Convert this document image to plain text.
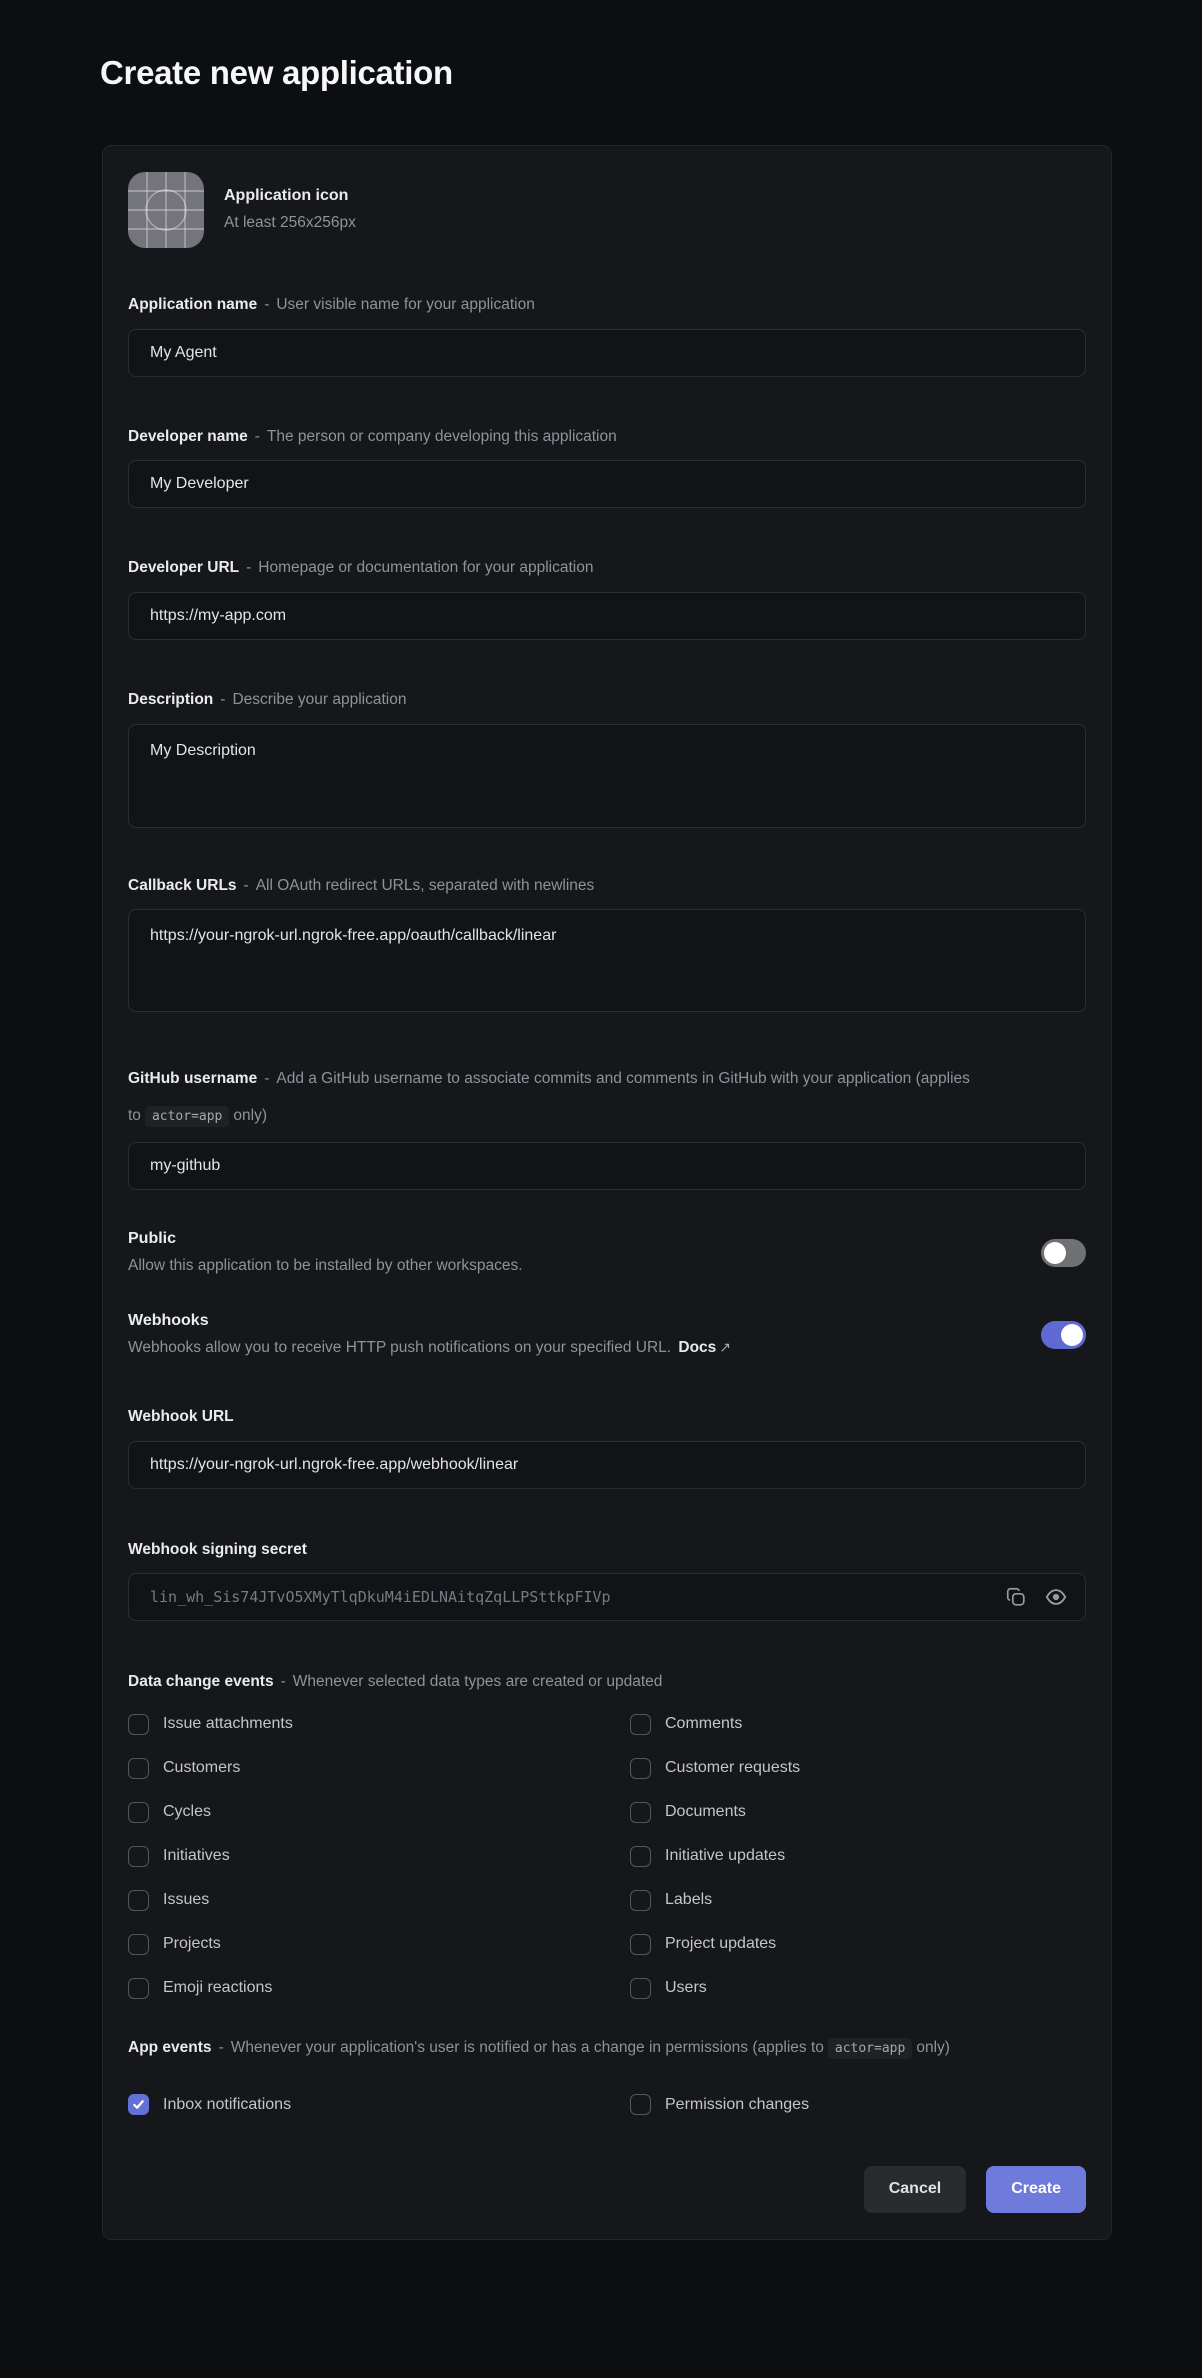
Create new application
Application icon
At least 256x256px
Application name - User visible name for your application
My Agent
Developer name - The person or company developing this application
My Developer
Developer URL - Homepage or documentation for your application
https://my-app.com
Description - Describe your application
My Description
Callback URLs - All OAuth redirect URLs, separated with newlines
https://your-ngrok-url.ngrok-free.app/oauth/callback/linear
GitHub username - Add a GitHub username to associate commits and comments in GitHub with your application (applies to actor=app only)
my-github
Public
Allow this application to be installed by other workspaces.
Webhooks
Webhooks allow you to receive HTTP push notifications on your specified URL. Docs ↗
Webhook URL
https://your-ngrok-url.ngrok-free.app/webhook/linear
Webhook signing secret
lin_wh_Sis74JTvO5XMyTlqDkuM4iEDLNAitqZqLLPSttkpFIVp
Data change events - Whenever selected data types are created or updated
Issue attachments
Customers
Cycles
Initiatives
Issues
Projects
Emoji reactions
Comments
Customer requests
Documents
Initiative updates
Labels
Project updates
Users
App events - Whenever your application's user is notified or has a change in permissions (applies to actor=app only)
Inbox notifications	Permission changes
Cancel	Create
